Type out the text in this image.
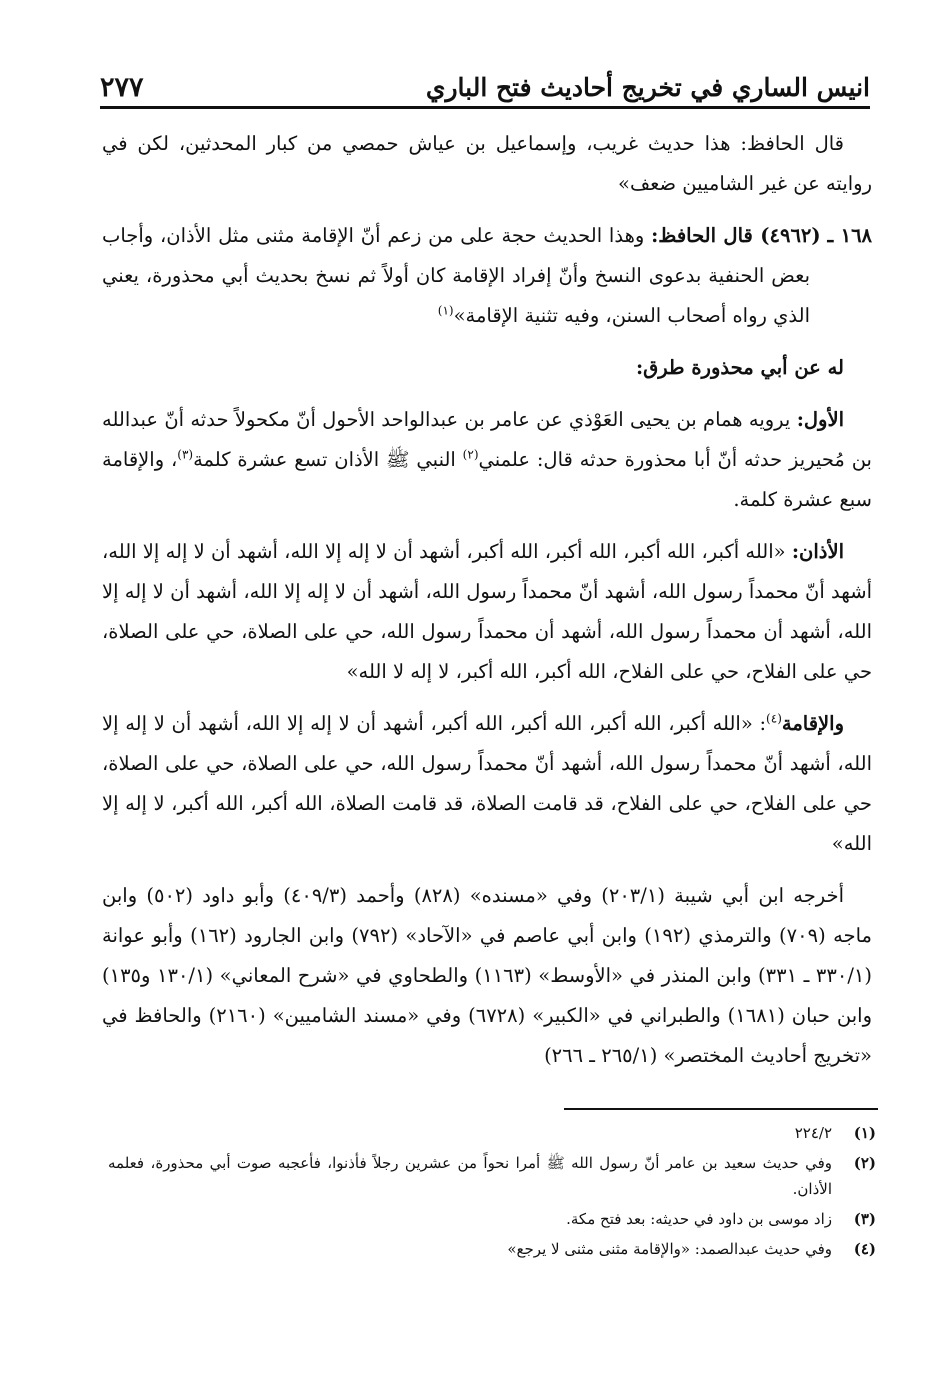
انيس الساري في تخريج أحاديث فتح الباري
٢٧٧

قال الحافظ: هذا حديث غريب، وإسماعيل بن عياش حمصي من كبار المحدثين، لكن في روايته عن غير الشاميين ضعف»

١٦٨ ـ (٤٩٦٢) قال الحافظ: وهذا الحديث حجة على من زعم أنّ الإقامة مثنى مثل الأذان، وأجاب بعض الحنفية بدعوى النسخ وأنّ إفراد الإقامة كان أولاً ثم نسخ بحديث أبي محذورة، يعني الذي رواه أصحاب السنن، وفيه تثنية الإقامة»$^{(١)}$

له عن أبي محذورة طرق:

الأول: يرويه همام بن يحيى العَوْذي عن عامر بن عبدالواحد الأحول أنّ مكحولاً حدثه أنّ عبدالله بن مُحيريز حدثه أنّ أبا محذورة حدثه قال: علمني$^{(٢)}$ النبي ﷺ الأذان تسع عشرة كلمة$^{(٣)}$، والإقامة سبع عشرة كلمة.

الأذان: «الله أكبر، الله أكبر، الله أكبر، الله أكبر، أشهد أن لا إله إلا الله، أشهد أن لا إله إلا الله، أشهد أنّ محمداً رسول الله، أشهد أنّ محمداً رسول الله، أشهد أن لا إله إلا الله، أشهد أن لا إله إلا الله، أشهد أن محمداً رسول الله، أشهد أن محمداً رسول الله، حي على الصلاة، حي على الصلاة، حي على الفلاح، حي على الفلاح، الله أكبر، الله أكبر، لا إله لا الله»

والإقامة$^{(٤)}$: «الله أكبر، الله أكبر، الله أكبر، الله أكبر، أشهد أن لا إله إلا الله، أشهد أن لا إله إلا الله، أشهد أنّ محمداً رسول الله، أشهد أنّ محمداً رسول الله، حي على الصلاة، حي على الصلاة، حي على الفلاح، حي على الفلاح، قد قامت الصلاة، قد قامت الصلاة، الله أكبر، الله أكبر، لا إله إلا الله»

أخرجه ابن أبي شيبة (٢٠٣/١) وفي «مسنده» (٨٢٨) وأحمد (٤٠٩/٣) وأبو داود (٥٠٢) وابن ماجه (٧٠٩) والترمذي (١٩٢) وابن أبي عاصم في «الآحاد» (٧٩٢) وابن الجارود (١٦٢) وأبو عوانة (٣٣٠/١ ـ ٣٣١) وابن المنذر في «الأوسط» (١١٦٣) والطحاوي في «شرح المعاني» (١٣٠/١ و١٣٥) وابن حبان (١٦٨١) والطبراني في «الكبير» (٦٧٢٨) وفي «مسند الشاميين» (٢١٦٠) والحافظ في «تخريج أحاديث المختصر» (٢٦٥/١ ـ ٢٦٦)

(١)
٢٢٤/٢
(٢)
وفي حديث سعيد بن عامر أنّ رسول الله ﷺ أمرا نحواً من عشرين رجلاً فأذنوا، فأعجبه صوت أبي محذورة، فعلمه الأذان.
(٣)
زاد موسى بن داود في حديثه: بعد فتح مكة.
(٤)
وفي حديث عبدالصمد: «والإقامة مثنى مثنى لا يرجع»
